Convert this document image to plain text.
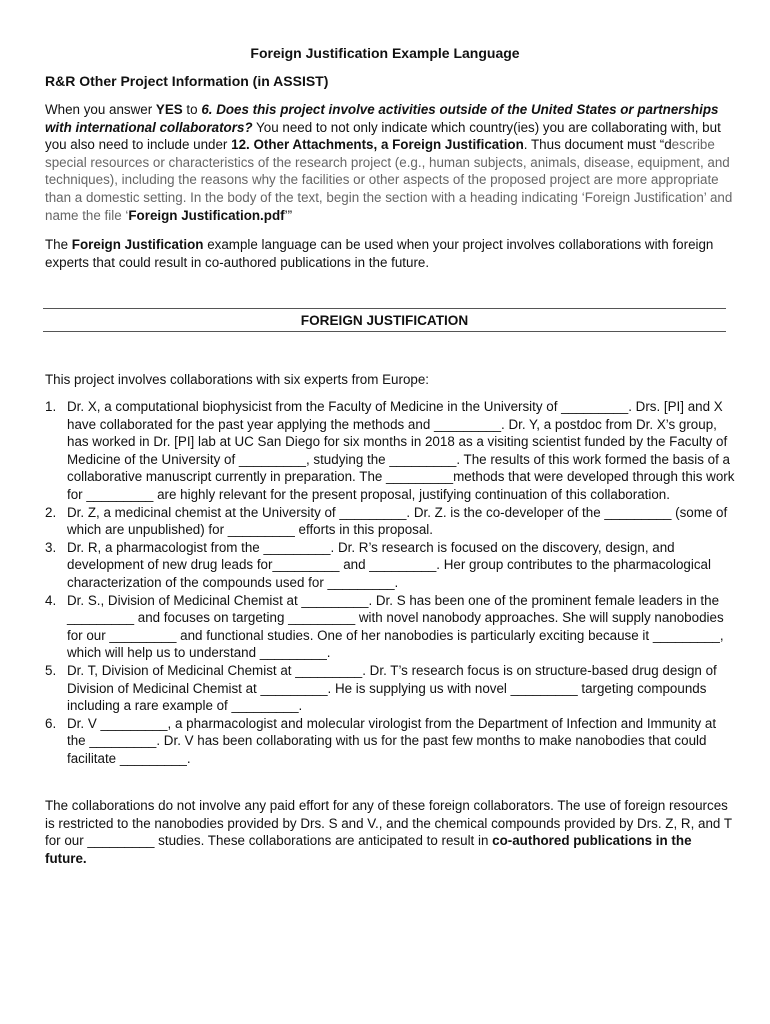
Foreign Justification Example Language
R&R Other Project Information (in ASSIST)
When you answer YES to 6. Does this project involve activities outside of the United States or partnerships with international collaborators? You need to not only indicate which country(ies) you are collaborating with, but you also need to include under 12. Other Attachments, a Foreign Justification. Thus document must “describe special resources or characteristics of the research project (e.g., human subjects, animals, disease, equipment, and techniques), including the reasons why the facilities or other aspects of the proposed project are more appropriate than a domestic setting. In the body of the text, begin the section with a heading indicating ‘Foreign Justification’ and name the file ‘Foreign Justification.pdf’”
The Foreign Justification example language can be used when your project involves collaborations with foreign experts that could result in co-authored publications in the future.
FOREIGN JUSTIFICATION
This project involves collaborations with six experts from Europe:
1. Dr. X, a computational biophysicist from the Faculty of Medicine in the University of _________. Drs. [PI] and X have collaborated for the past year applying the methods and _________. Dr. Y, a postdoc from Dr. X’s group, has worked in Dr. [PI] lab at UC San Diego for six months in 2018 as a visiting scientist funded by the Faculty of Medicine of the University of _________, studying the _________. The results of this work formed the basis of a collaborative manuscript currently in preparation. The _________methods that were developed through this work for _________ are highly relevant for the present proposal, justifying continuation of this collaboration.
2. Dr. Z, a medicinal chemist at the University of _________. Dr. Z. is the co-developer of the _________ (some of which are unpublished) for _________ efforts in this proposal.
3. Dr. R, a pharmacologist from the _________. Dr. R’s research is focused on the discovery, design, and development of new drug leads for_________ and _________. Her group contributes to the pharmacological characterization of the compounds used for _________.
4. Dr. S., Division of Medicinal Chemist at _________. Dr. S has been one of the prominent female leaders in the _________ and focuses on targeting _________ with novel nanobody approaches. She will supply nanobodies for our _________ and functional studies. One of her nanobodies is particularly exciting because it _________, which will help us to understand _________.
5. Dr. T, Division of Medicinal Chemist at _________. Dr. T’s research focus is on structure-based drug design of Division of Medicinal Chemist at _________. He is supplying us with novel _________ targeting compounds including a rare example of _________.
6. Dr. V _________, a pharmacologist and molecular virologist from the Department of Infection and Immunity at the _________. Dr. V has been collaborating with us for the past few months to make nanobodies that could facilitate _________.
The collaborations do not involve any paid effort for any of these foreign collaborators. The use of foreign resources is restricted to the nanobodies provided by Drs. S and V., and the chemical compounds provided by Drs. Z, R, and T for our _________ studies. These collaborations are anticipated to result in co-authored publications in the future.
